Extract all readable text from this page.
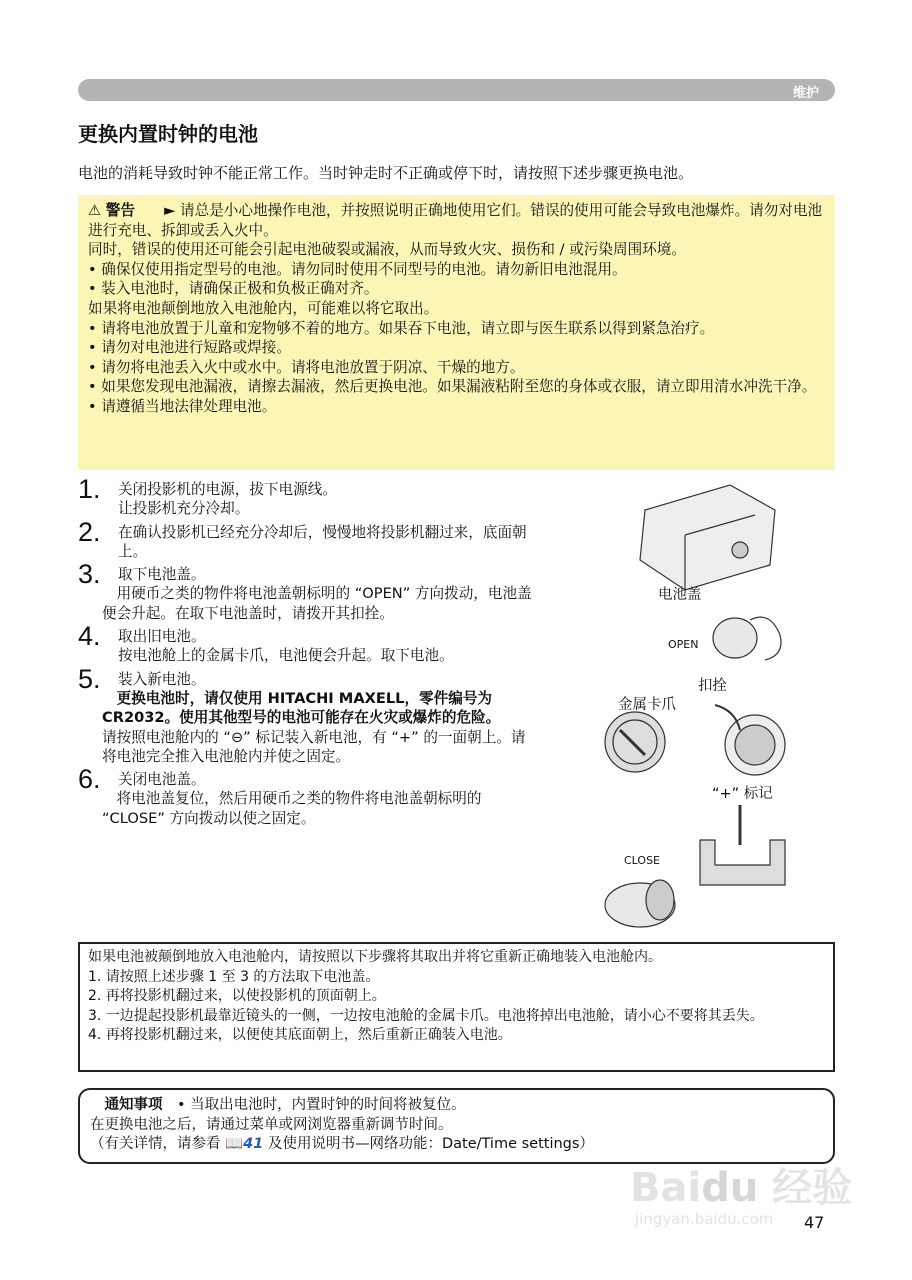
维护
更换内置时钟的电池
电池的消耗导致时钟不能正常工作。当时钟走时不正确或停下时，请按照下述步骤更换电池。
⚠ 警告　　 ► 请总是小心地操作电池，并按照说明正确地使用它们。错误的使用可能会导致电池爆炸。请勿对电池进行充电、拆卸或丢入火中。
同时，错误的使用还可能会引起电池破裂或漏液，从而导致火灾、损伤和 / 或污染周围环境。
• 确保仅使用指定型号的电池。请勿同时使用不同型号的电池。请勿新旧电池混用。
• 装入电池时，请确保正极和负极正确对齐。
如果将电池颠倒地放入电池舱内，可能难以将它取出。
• 请将电池放置于儿童和宠物够不着的地方。如果吞下电池，请立即与医生联系以得到紧急治疗。
• 请勿对电池进行短路或焊接。
• 请勿将电池丢入火中或水中。请将电池放置于阴凉、干燥的地方。
• 如果您发现电池漏液，请擦去漏液，然后更换电池。如果漏液粘附至您的身体或衣服，请立即用清水冲洗干净。
• 请遵循当地法律处理电池。
1.	关闭投影机的电源，拔下电源线。
让投影机充分冷却。
2.	在确认投影机已经充分冷却后，慢慢地将投影机翻过来，底面朝上。
3.	取下电池盖。
　用硬币之类的物件将电池盖朝标明的 “OPEN” 方向拨动，电池盖便会升起。在取下电池盖时，请拨开其扣拴。
4.	取出旧电池。
按电池舱上的金属卡爪，电池便会升起。取下电池。
5.	装入新电池。
　更换电池时，请仅使用 HITACHI MAXELL，零件编号为 CR2032。使用其他型号的电池可能存在火灾或爆炸的危险。
请按照电池舱内的 “⊖” 标记装入新电池，有 “+” 的一面朝上。请将电池完全推入电池舱内并使之固定。
6.	关闭电池盖。
　将电池盖复位，然后用硬币之类的物件将电池盖朝标明的 “CLOSE” 方向拨动以使之固定。
电池盖
OPEN
扣拴
金属卡爪
“+” 标记
CLOSE
如果电池被颠倒地放入电池舱内，请按照以下步骤将其取出并将它重新正确地装入电池舱内。
1. 请按照上述步骤 1 至 3 的方法取下电池盖。
2. 再将投影机翻过来，以使投影机的顶面朝上。
3. 一边提起投影机最靠近镜头的一侧，一边按电池舱的金属卡爪。电池将掉出电池舱，请小心不要将其丢失。
4. 再将投影机翻过来，以便使其底面朝上，然后重新正确装入电池。
　通知事项　 • 当取出电池时，内置时钟的时间将被复位。
在更换电池之后，请通过菜单或网浏览器重新调节时间。
（有关详情，请参看 📖41 及使用说明书—网络功能：Date/Time settings）
Baidu 经验
jingyan.baidu.com	47
